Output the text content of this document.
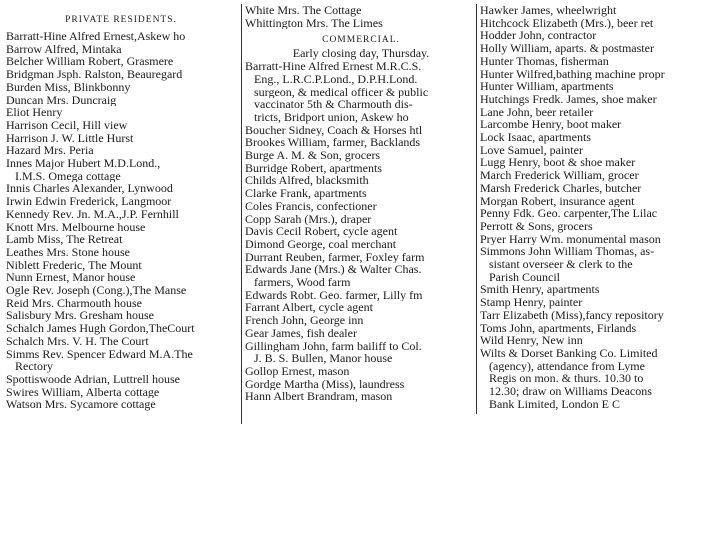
PRIVATE RESIDENTS.
Barratt-Hine Alfred Ernest,Askew ho
Barrow Alfred, Mintaka
Belcher William Robert, Grasmere
Bridgman Jsph. Ralston, Beauregard
Burden Miss, Blinkbonny
Duncan Mrs. Duncraig
Eliot Henry
Harrison Cecil, Hill view
Harrison J. W. Little Hurst
Hazard Mrs. Peria
Innes Major Hubert M.D.Lond.,
I.M.S. Omega cottage
Innis Charles Alexander, Lynwood
Irwin Edwin Frederick, Langmoor
Kennedy Rev. Jn. M.A.,J.P. Fernhill
Knott Mrs. Melbourne house
Lamb Miss, The Retreat
Leathes Mrs. Stone house
Niblett Frederic, The Mount
Nunn Ernest, Manor house
Ogle Rev. Joseph (Cong.),The Manse
Reid Mrs. Charmouth house
Salisbury Mrs. Gresham house
Schalch James Hugh Gordon,TheCourt
Schalch Mrs. V. H. The Court
Simms Rev. Spencer Edward M.A.The
Rectory
Spottiswoode Adrian, Luttrell house
Swires William, Alberta cottage
Watson Mrs. Sycamore cottage
White Mrs. The Cottage
Whittington Mrs. The Limes
COMMERCIAL.
Early closing day, Thursday.
Barratt-Hine Alfred Ernest M.R.C.S.
Eng., L.R.C.P.Lond., D.P.H.Lond.
surgeon, & medical officer & public
vaccinator 5th & Charmouth dis-
tricts, Bridport union, Askew ho
Boucher Sidney, Coach & Horses htl
Brookes William, farmer, Backlands
Burge A. M. & Son, grocers
Burridge Robert, apartments
Childs Alfred, blacksmith
Clarke Frank, apartments
Coles Francis, confectioner
Copp Sarah (Mrs.), draper
Davis Cecil Robert, cycle agent
Dimond George, coal merchant
Durrant Reuben, farmer, Foxley farm
Edwards Jane (Mrs.) & Walter Chas.
farmers, Wood farm
Edwards Robt. Geo. farmer, Lilly fm
Farrant Albert, cycle agent
French John, George inn
Gear James, fish dealer
Gillingham John, farm bailiff to Col.
J. B. S. Bullen, Manor house
Gollop Ernest, mason
Gordge Martha (Miss), laundress
Hann Albert Brandram, mason
Hawker James, wheelwright
Hitchcock Elizabeth (Mrs.), beer ret
Hodder John, contractor
Holly William, aparts. & postmaster
Hunter Thomas, fisherman
Hunter Wilfred,bathing machine propr
Hunter William, apartments
Hutchings Fredk. James, shoe maker
Lane John, beer retailer
Larcombe Henry, boot maker
Lock Isaac, apartments
Love Samuel, painter
Lugg Henry, boot & shoe maker
March Frederick William, grocer
Marsh Frederick Charles, butcher
Morgan Robert, insurance agent
Penny Fdk. Geo. carpenter,The Lilac
Perrott & Sons, grocers
Pryer Harry Wm. monumental mason
Simmons John William Thomas, as-
sistant overseer & clerk to the
Parish Council
Smith Henry, apartments
Stamp Henry, painter
Tarr Elizabeth (Miss),fancy repository
Toms John, apartments, Firlands
Wild Henry, New inn
Wilts & Dorset Banking Co. Limited
(agency), attendance from Lyme
Regis on mon. & thurs. 10.30 to
12.30; draw on Williams Deacons
Bank Limited, London E C
